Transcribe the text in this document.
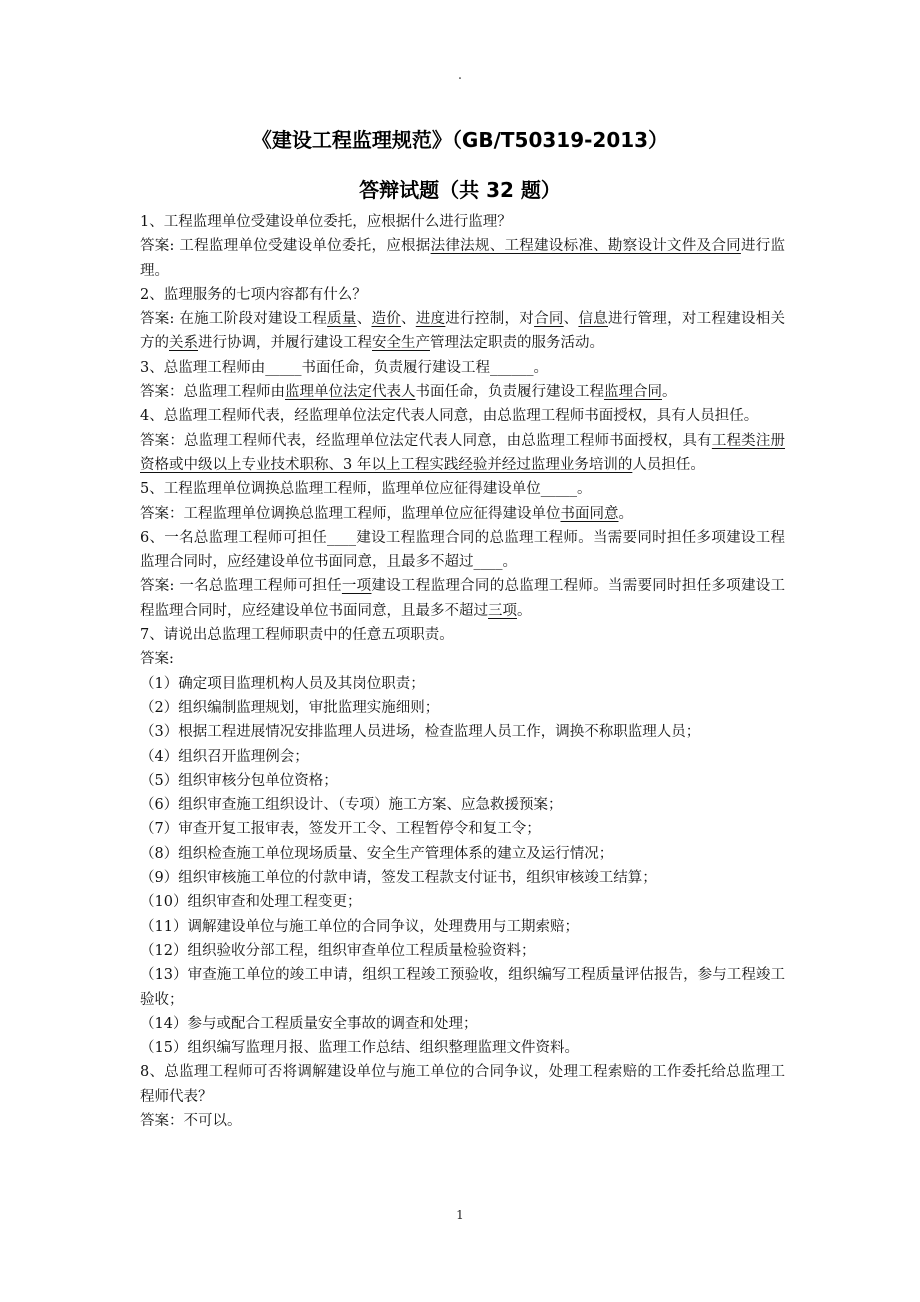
.
《建设工程监理规范》（GB/T50319-2013）
答辩试题（共 32 题）

1、工程监理单位受建设单位委托，应根据什么进行监理？

答案: 工程监理单位受建设单位委托，应根据法律法规、工程建设标准、勘察设计文件及合同进行监理。

2、监理服务的七项内容都有什么？

答案: 在施工阶段对建设工程质量、造价、进度进行控制，对合同、信息进行管理，对工程建设相关方的关系进行协调，并履行建设工程安全生产管理法定职责的服务活动。

3、总监理工程师由_____书面任命，负责履行建设工程______。

答案：总监理工程师由监理单位法定代表人书面任命，负责履行建设工程监理合同。

4、总监理工程师代表，经监理单位法定代表人同意，由总监理工程师书面授权，具有人员担任。

答案：总监理工程师代表，经监理单位法定代表人同意，由总监理工程师书面授权，具有工程类注册资格或中级以上专业技术职称、3 年以上工程实践经验并经过监理业务培训的人员担任。

5、工程监理单位调换总监理工程师，监理单位应征得建设单位_____。

答案：工程监理单位调换总监理工程师，监理单位应征得建设单位书面同意。

6、一名总监理工程师可担任____建设工程监理合同的总监理工程师。当需要同时担任多项建设工程监理合同时，应经建设单位书面同意，且最多不超过____。

答案: 一名总监理工程师可担任一项建设工程监理合同的总监理工程师。当需要同时担任多项建设工程监理合同时，应经建设单位书面同意，且最多不超过三项。

7、请说出总监理工程师职责中的任意五项职责。

答案:

（1）确定项目监理机构人员及其岗位职责；

（2）组织编制监理规划，审批监理实施细则；

（3）根据工程进展情况安排监理人员进场，检查监理人员工作，调换不称职监理人员；

（4）组织召开监理例会；

（5）组织审核分包单位资格；

（6）组织审查施工组织设计、（专项）施工方案、应急救援预案；

（7）审查开复工报审表，签发开工令、工程暂停令和复工令；

（8）组织检查施工单位现场质量、安全生产管理体系的建立及运行情况；

（9）组织审核施工单位的付款申请，签发工程款支付证书，组织审核竣工结算；

（10）组织审查和处理工程变更；

（11）调解建设单位与施工单位的合同争议，处理费用与工期索赔；

（12）组织验收分部工程，组织审查单位工程质量检验资料；

（13）审查施工单位的竣工申请，组织工程竣工预验收，组织编写工程质量评估报告，参与工程竣工验收；

（14）参与或配合工程质量安全事故的调查和处理；

（15）组织编写监理月报、监理工作总结、组织整理监理文件资料。

8、总监理工程师可否将调解建设单位与施工单位的合同争议，处理工程索赔的工作委托给总监理工程师代表？

答案：不可以。

1
